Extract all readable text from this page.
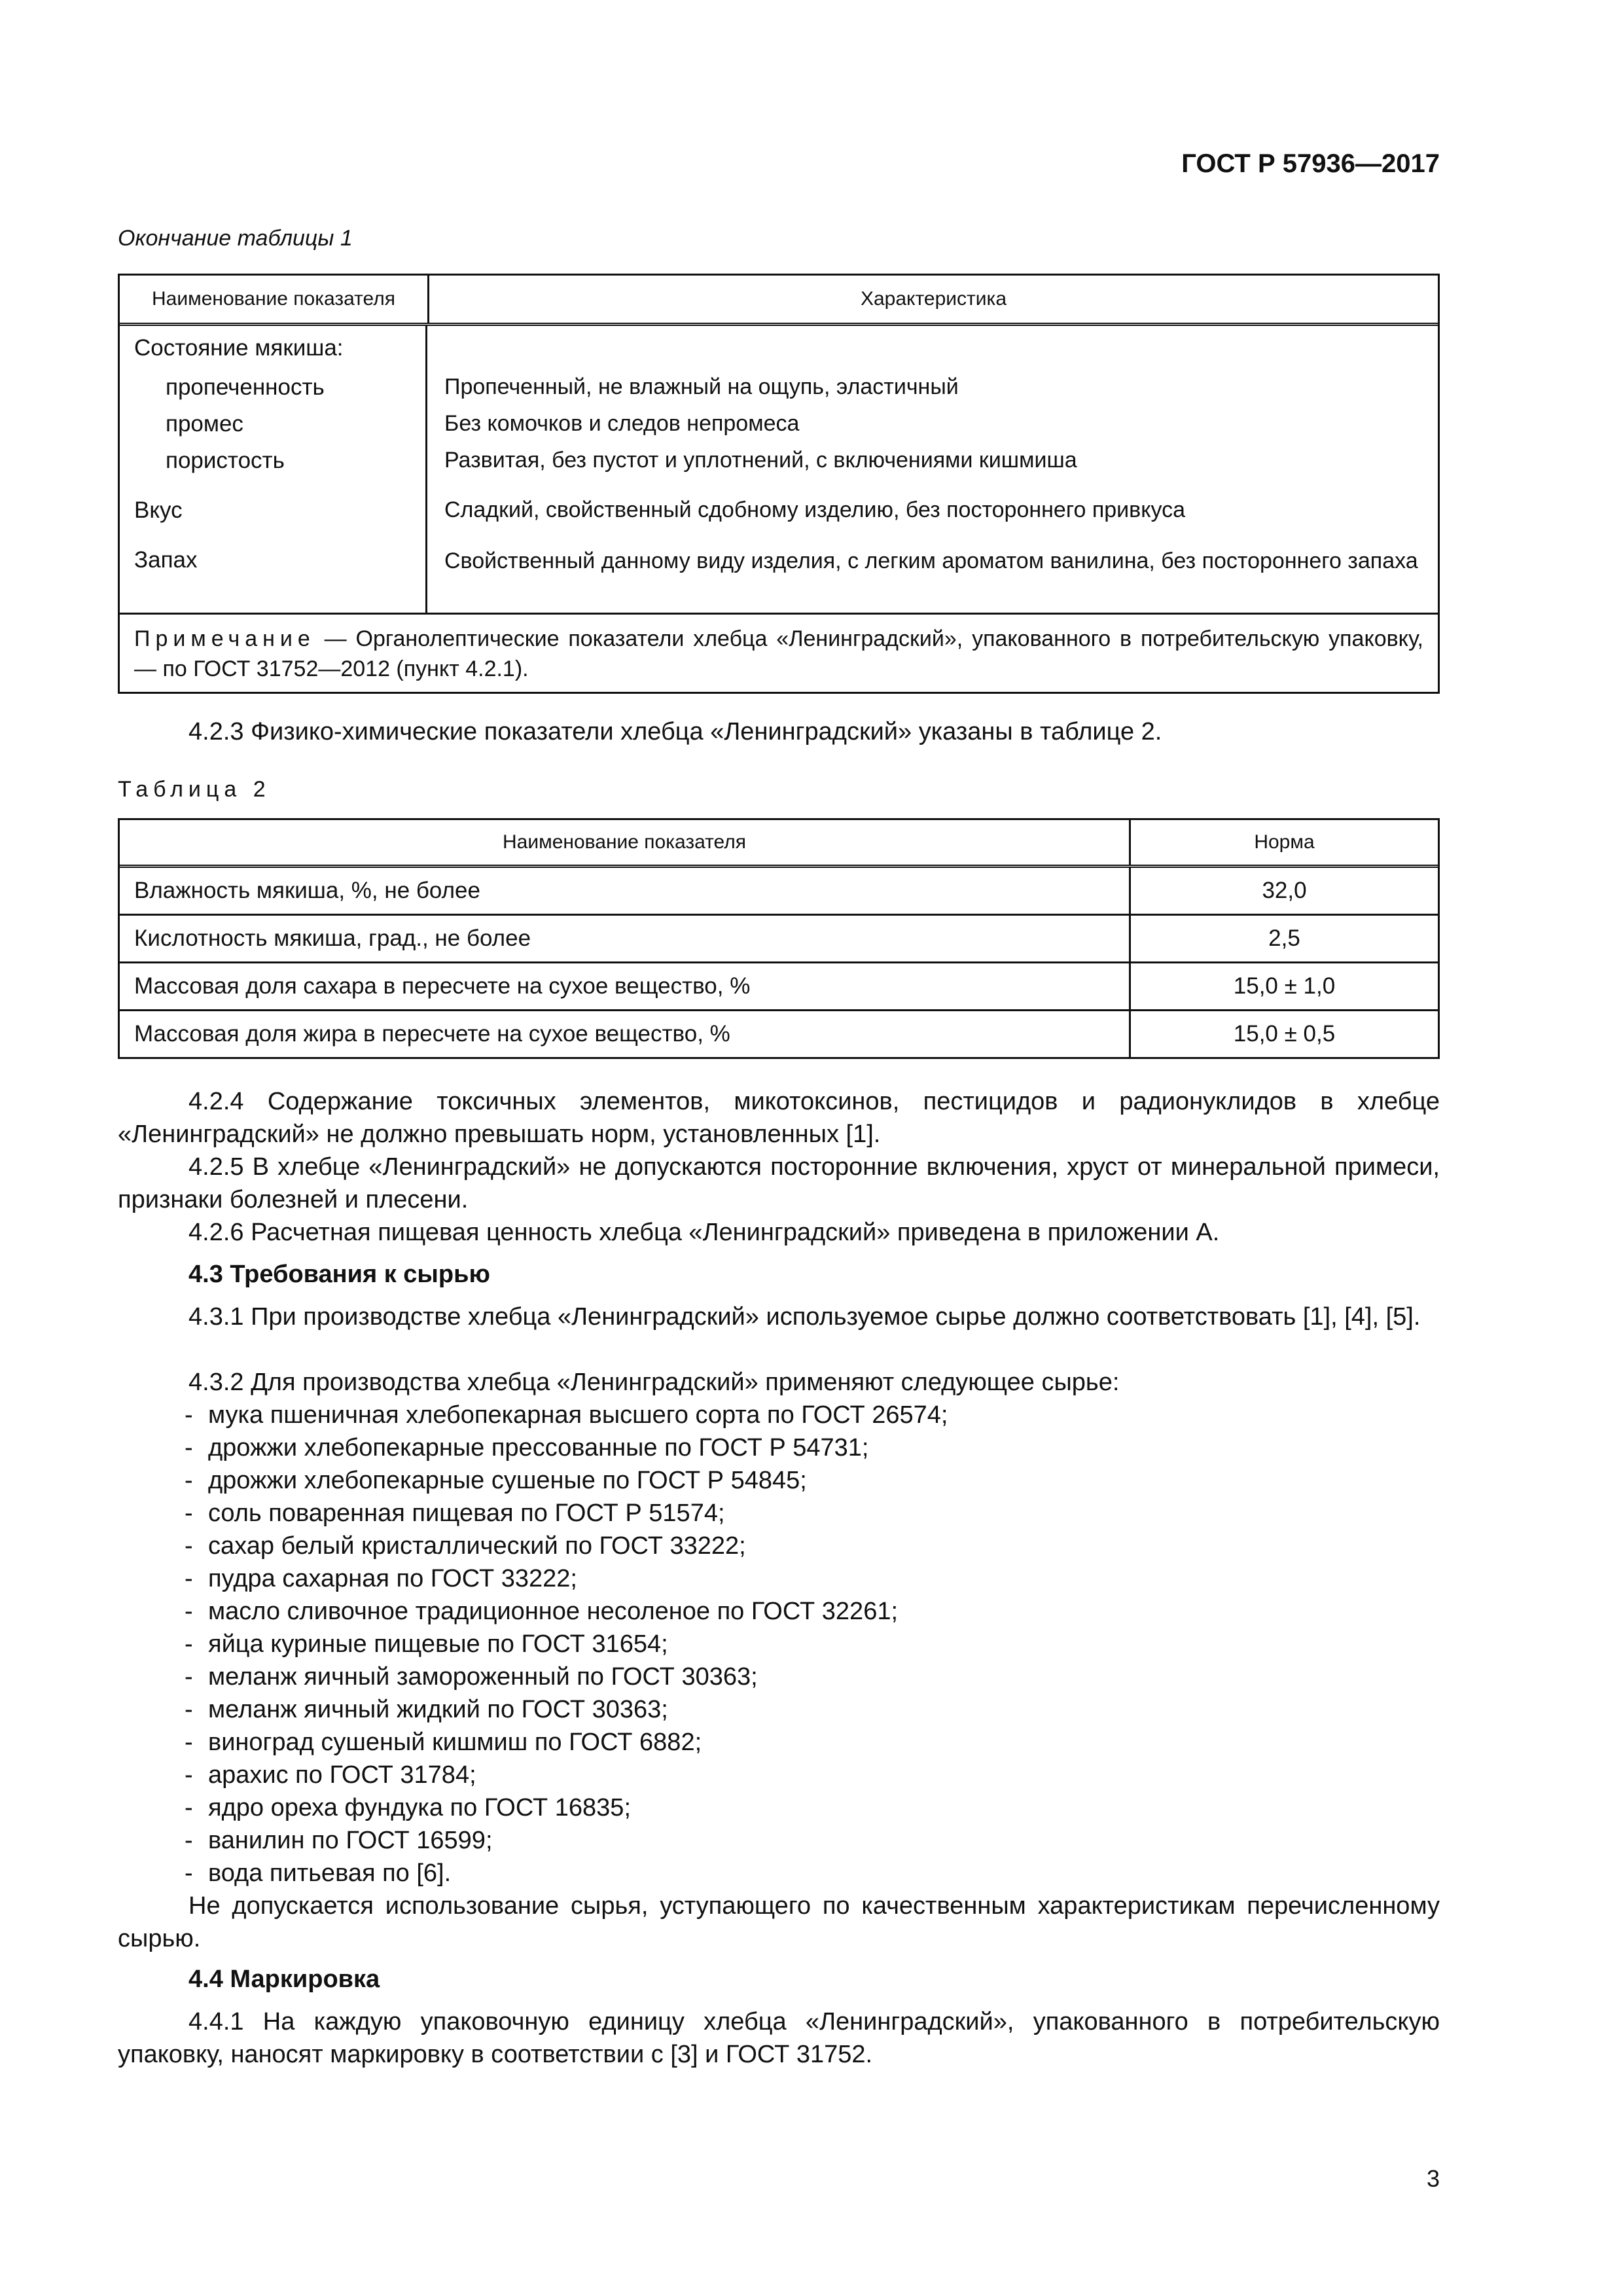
ГОСТ Р 57936—2017
Окончание таблицы 1
Наименование показателя	Характеристика
Состояние мякиша:
пропеченность	Пропеченный, не влажный на ощупь, эластичный
промес	Без комочков и следов непромеса
пористость	Развитая, без пустот и уплотнений, с включениями кишмиша
Вкус	Сладкий, свойственный сдобному изделию, без постороннего привкуса
Запах	Свойственный данному виду изделия, с легким ароматом ванилина, без постороннего запаха
Примечание — Органолептические показатели хлебца «Ленинградский», упакованного в потребительскую упаковку, — по ГОСТ 31752—2012 (пункт 4.2.1).
4.2.3 Физико-химические показатели хлебца «Ленинградский» указаны в таблице 2.
Таблица 2
Наименование показателя	Норма
Влажность мякиша, %, не более	32,0
Кислотность мякиша, град., не более	2,5
Массовая доля сахара в пересчете на сухое вещество, %	15,0 ± 1,0
Массовая доля жира в пересчете на сухое вещество, %	15,0 ± 0,5
4.2.4 Содержание токсичных элементов, микотоксинов, пестицидов и радионуклидов в хлебце «Ленинградский» не должно превышать норм, установленных [1].
4.2.5 В хлебце «Ленинградский» не допускаются посторонние включения, хруст от минеральной примеси, признаки болезней и плесени.
4.2.6 Расчетная пищевая ценность хлебца «Ленинградский» приведена в приложении А.
4.3 Требования к сырью
4.3.1 При производстве хлебца «Ленинградский» используемое сырье должно соответствовать [1], [4], [5].
4.3.2 Для производства хлебца «Ленинградский» применяют следующее сырье:
- мука пшеничная хлебопекарная высшего сорта по ГОСТ 26574;
- дрожжи хлебопекарные прессованные по ГОСТ Р 54731;
- дрожжи хлебопекарные сушеные по ГОСТ Р 54845;
- соль поваренная пищевая по ГОСТ Р 51574;
- сахар белый кристаллический по ГОСТ 33222;
- пудра сахарная по ГОСТ 33222;
- масло сливочное традиционное несоленое по ГОСТ 32261;
- яйца куриные пищевые по ГОСТ 31654;
- меланж яичный замороженный по ГОСТ 30363;
- меланж яичный жидкий по ГОСТ 30363;
- виноград сушеный кишмиш по ГОСТ 6882;
- арахис по ГОСТ 31784;
- ядро ореха фундука по ГОСТ 16835;
- ванилин по ГОСТ 16599;
- вода питьевая по [6].
Не допускается использование сырья, уступающего по качественным характеристикам перечисленному сырью.
4.4 Маркировка
4.4.1 На каждую упаковочную единицу хлебца «Ленинградский», упакованного в потребительскую упаковку, наносят маркировку в соответствии с [3] и ГОСТ 31752.
3
